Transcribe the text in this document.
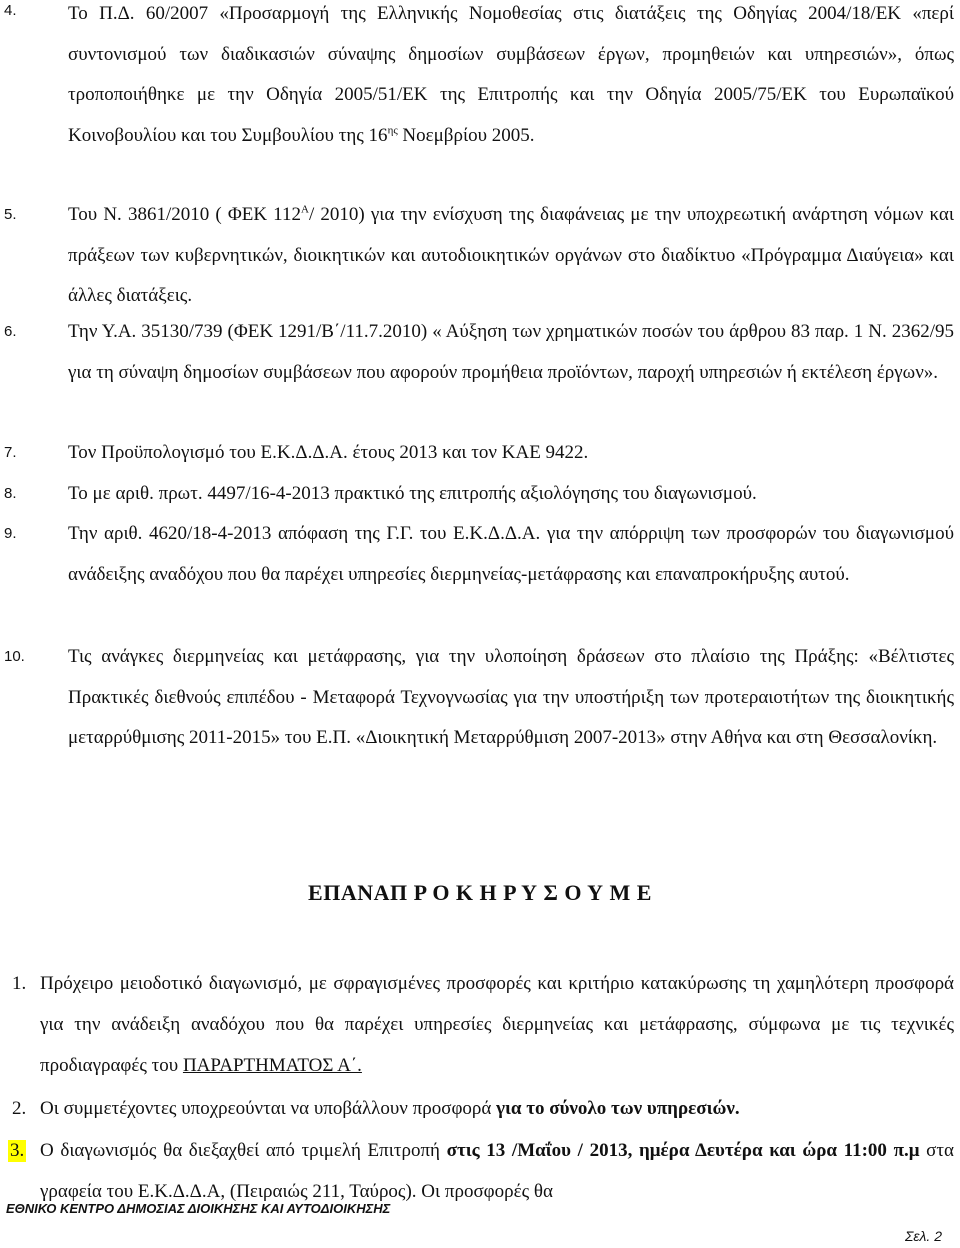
4.	Το Π.Δ. 60/2007 «Προσαρμογή της Ελληνικής Νομοθεσίας στις διατάξεις της Οδηγίας 2004/18/ΕΚ «περί συντονισμού των διαδικασιών σύναψης δημοσίων συμβάσεων έργων, προμηθειών και υπηρεσιών», όπως τροποποιήθηκε με την Οδηγία 2005/51/ΕΚ της Επιτροπής και την Οδηγία 2005/75/ΕΚ του Ευρωπαϊκού Κοινοβουλίου και του Συμβουλίου της $16^{\eta\varsigma}$ Νοεμβρίου 2005.
5.	Του Ν. 3861/2010 ( ΦΕΚ $112^A/$ 2010) για την ενίσχυση της διαφάνειας με την υποχρεωτική ανάρτηση νόμων και πράξεων των κυβερνητικών, διοικητικών και αυτοδιοικητικών οργάνων στο διαδίκτυο «Πρόγραμμα Διαύγεια» και άλλες διατάξεις.
6.	Την Υ.Α. 35130/739 (ΦΕΚ 1291/Β΄/11.7.2010) « Αύξηση των χρηματικών ποσών του άρθρου 83 παρ. 1 Ν. 2362/95 για τη σύναψη δημοσίων συμβάσεων που αφορούν προμήθεια προϊόντων, παροχή υπηρεσιών ή εκτέλεση έργων».
7.	Τον Προϋπολογισμό του Ε.Κ.Δ.Δ.Α. έτους 2013 και τον ΚΑΕ 9422.
8.	Το με αριθ. πρωτ. 4497/16-4-2013 πρακτικό της επιτροπής αξιολόγησης του διαγωνισμού.
9.	Την αριθ. 4620/18-4-2013 απόφαση της Γ.Γ. του Ε.Κ.Δ.Δ.Α. για την απόρριψη των προσφορών του διαγωνισμού ανάδειξης αναδόχου που θα παρέχει υπηρεσίες διερμηνείας-μετάφρασης και επαναπροκήρυξης αυτού.
10. Τις ανάγκες διερμηνείας και μετάφρασης, για την υλοποίηση δράσεων στο πλαίσιο της Πράξης: «Βέλτιστες Πρακτικές διεθνούς επιπέδου - Μεταφορά Τεχνογνωσίας για την υποστήριξη των προτεραιοτήτων της διοικητικής μεταρρύθμισης 2011-2015» του Ε.Π. «Διοικητική Μεταρρύθμιση 2007-2013» στην Αθήνα και στη Θεσσαλονίκη.
ΕΠΑΝΑΠ Ρ Ο Κ Η Ρ Υ Σ Ο Υ Μ Ε
1. Πρόχειρο μειοδοτικό διαγωνισμό, με σφραγισμένες προσφορές και κριτήριο κατακύρωσης τη χαμηλότερη προσφορά για την ανάδειξη αναδόχου που θα παρέχει υπηρεσίες διερμηνείας και μετάφρασης, σύμφωνα με τις τεχνικές προδιαγραφές του ΠΑΡΑΡΤΗΜΑΤΟΣ Α΄.
2. Οι συμμετέχοντες υποχρεούνται να υποβάλλουν προσφορά για το σύνολο των υπηρεσιών.
3. Ο διαγωνισμός θα διεξαχθεί από τριμελή Επιτροπή στις 13 /Μαΐου / 2013, ημέρα Δευτέρα και ώρα 11:00 π.μ στα γραφεία του Ε.Κ.Δ.Δ.Α, (Πειραιώς 211, Ταύρος). Οι προσφορές θα
ΕΘΝΙΚΟ ΚΕΝΤΡΟ ΔΗΜΟΣΙΑΣ ΔΙΟΙΚΗΣΗΣ ΚΑΙ ΑΥΤΟΔΙΟΙΚΗΣΗΣ
Σελ. 2
